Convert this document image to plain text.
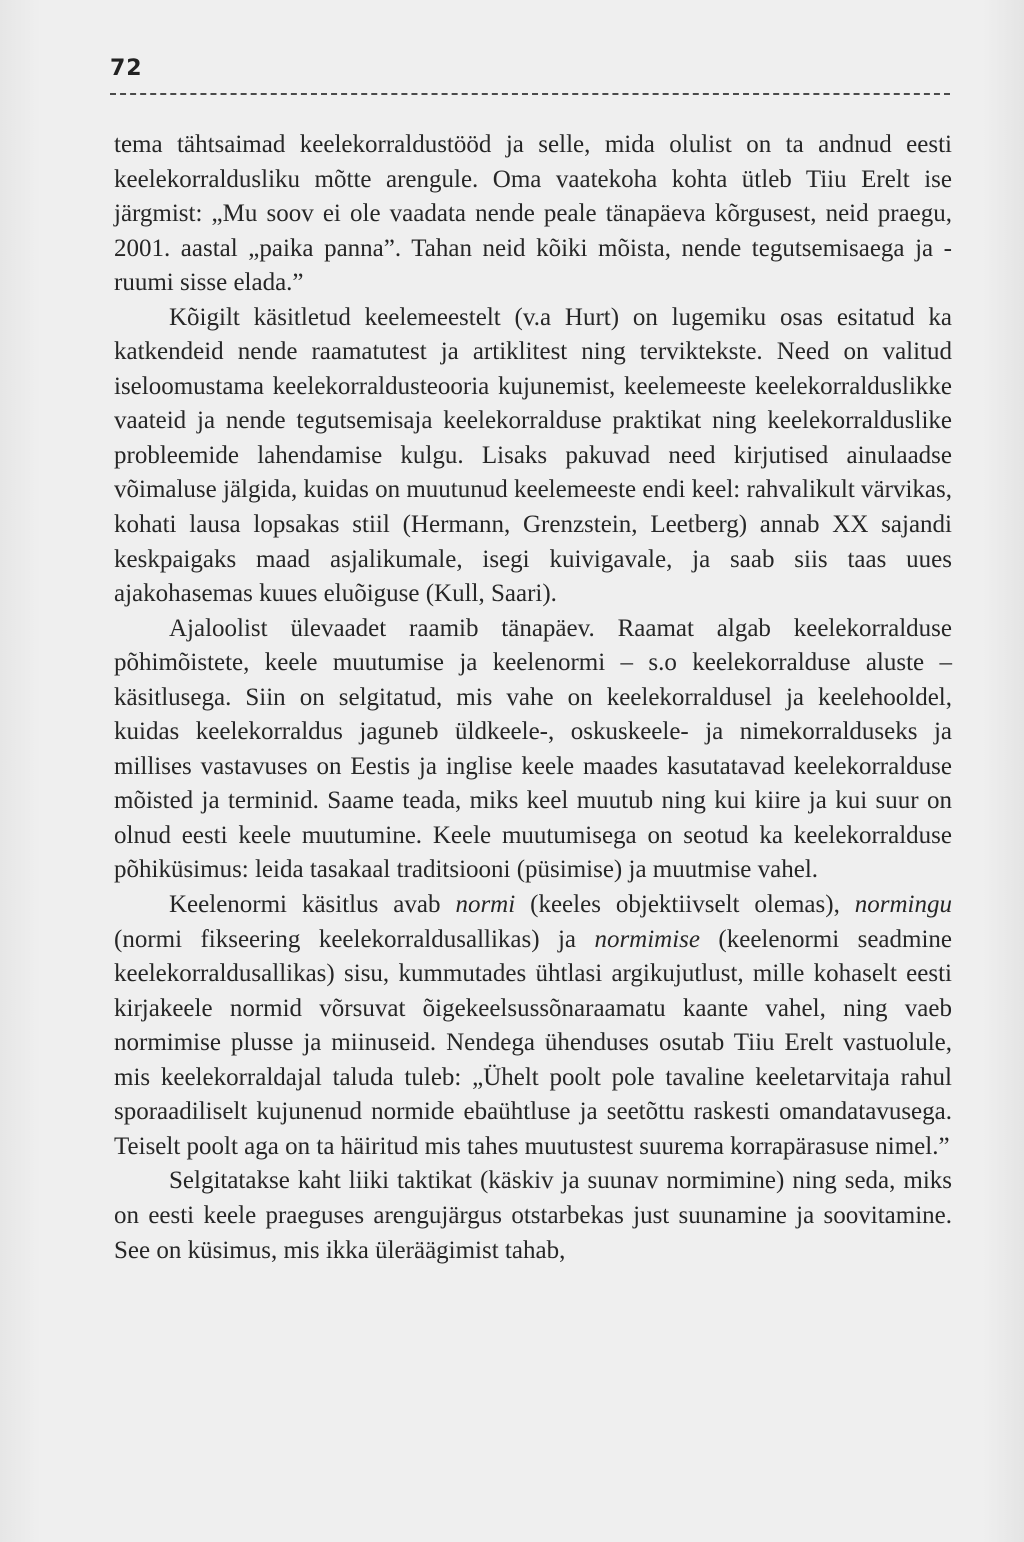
72

tema tähtsaimad keelekorraldustööd ja selle, mida olulist on ta andnud eesti keelekorraldusliku mõtte arengule. Oma vaatekoha kohta ütleb Tiiu Erelt ise järgmist: „Mu soov ei ole vaadata nende peale tänapäeva kõrgusest, neid praegu, 2001. aastal „paika panna”. Tahan neid kõiki mõista, nende tegutsemisaega ja -ruumi sisse elada.”

Kõigilt käsitletud keelemeestelt (v.a Hurt) on lugemiku osas esitatud ka katkendeid nende raamatutest ja artiklitest ning terviktekste. Need on valitud iseloomustama keelekorraldusteooria kujunemist, keelemeeste keelekorralduslikke vaateid ja nende tegutsemisaja keelekorralduse praktikat ning keelekorralduslike probleemide lahendamise kulgu. Lisaks pakuvad need kirjutised ainulaadse võimaluse jälgida, kuidas on muutunud keelemeeste endi keel: rahvalikult värvikas, kohati lausa lopsakas stiil (Hermann, Grenzstein, Leetberg) annab XX sajandi keskpaigaks maad asjalikumale, isegi kuivigavale, ja saab siis taas uues ajakohasemas kuues eluõiguse (Kull, Saari).

Ajaloolist ülevaadet raamib tänapäev. Raamat algab keelekorralduse põhimõistete, keele muutumise ja keelenormi – s.o keelekorralduse aluste – käsitlusega. Siin on selgitatud, mis vahe on keelekorraldusel ja keelehooldel, kuidas keelekorraldus jaguneb üldkeele-, oskuskeele- ja nimekorralduseks ja millises vastavuses on Eestis ja inglise keele maades kasutatavad keelekorralduse mõisted ja terminid. Saame teada, miks keel muutub ning kui kiire ja kui suur on olnud eesti keele muutumine. Keele muutumisega on seotud ka keelekorralduse põhiküsimus: leida tasakaal traditsiooni (püsimise) ja muutmise vahel.

Keelenormi käsitlus avab normi (keeles objektiivselt olemas), normingu (normi fikseering keelekorraldusallikas) ja normimise (keelenormi seadmine keelekorraldusallikas) sisu, kummutades ühtlasi argikujutlust, mille kohaselt eesti kirjakeele normid võrsuvat õigekeelsussõnaraamatu kaante vahel, ning vaeb normimise plusse ja miinuseid. Nendega ühenduses osutab Tiiu Erelt vastuolule, mis keelekorraldajal taluda tuleb: „Ühelt poolt pole tavaline keeletarvitaja rahul sporaadiliselt kujunenud normide ebaühtluse ja seetõttu raskesti omandatavusega. Teiselt poolt aga on ta häiritud mis tahes muutustest suurema korrapärasuse nimel.”

Selgitatakse kaht liiki taktikat (käskiv ja suunav normimine) ning seda, miks on eesti keele praeguses arengujärgus otstarbekas just suunamine ja soovitamine. See on küsimus, mis ikka üleräägimist tahab,
